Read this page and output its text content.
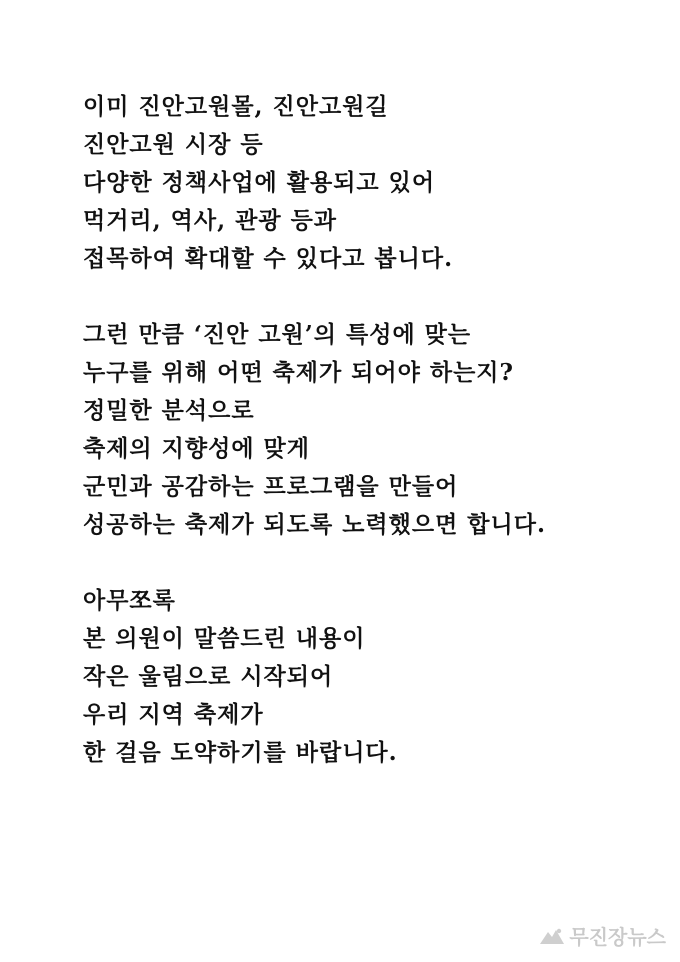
이미 진안고원몰, 진안고원길
진안고원 시장 등
다양한 정책사업에 활용되고 있어
먹거리, 역사, 관광 등과
접목하여 확대할 수 있다고 봅니다.
그런 만큼 ‘진안 고원’의 특성에 맞는
누구를 위해 어떤 축제가 되어야 하는지?
정밀한 분석으로
축제의 지향성에 맞게
군민과 공감하는 프로그램을 만들어
성공하는 축제가 되도록 노력했으면 합니다.
아무쪼록
본 의원이 말씀드린 내용이
작은 울림으로 시작되어
우리 지역 축제가
한 걸음 도약하기를 바랍니다.
무진장뉴스
